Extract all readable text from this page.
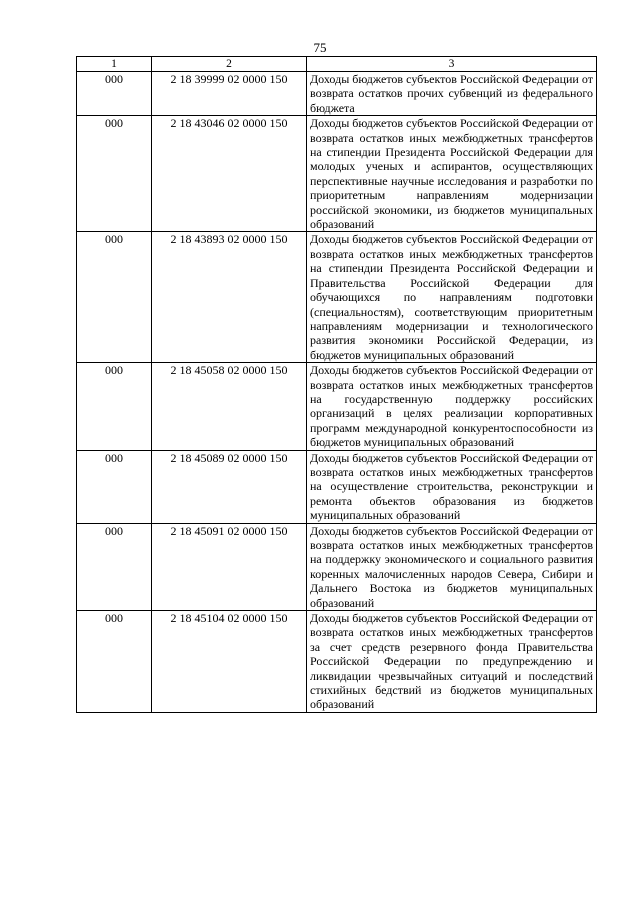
75
1	2	3
000	2 18 39999 02 0000 150	Доходы бюджетов субъектов Российской Федерации от возврата остатков прочих субвенций из федерального бюджета
000	2 18 43046 02 0000 150	Доходы бюджетов субъектов Российской Федерации от возврата остатков иных межбюджетных трансфертов на стипендии Президента Российской Федерации для молодых ученых и аспирантов, осуществляющих перспективные научные исследования и разработки по приоритетным направлениям модернизации российской экономики, из бюджетов муниципальных образований
000	2 18 43893 02 0000 150	Доходы бюджетов субъектов Российской Федерации от возврата остатков иных межбюджетных трансфертов на стипендии Президента Российской Федерации и Правительства Российской Федерации для обучающихся по направлениям подготовки (специальностям), соответствующим приоритетным направлениям модернизации и технологического развития экономики Российской Федерации, из бюджетов муниципальных образований
000	2 18 45058 02 0000 150	Доходы бюджетов субъектов Российской Федерации от возврата остатков иных межбюджетных трансфертов на государственную поддержку российских организаций в целях реализации корпоративных программ международной конкурентоспособности из бюджетов муниципальных образований
000	2 18 45089 02 0000 150	Доходы бюджетов субъектов Российской Федерации от возврата остатков иных межбюджетных трансфертов на осуществление строительства, реконструкции и ремонта объектов образования из бюджетов муниципальных образований
000	2 18 45091 02 0000 150	Доходы бюджетов субъектов Российской Федерации от возврата остатков иных межбюджетных трансфертов на поддержку экономического и социального развития коренных малочисленных народов Севера, Сибири и Дальнего Востока из бюджетов муниципальных образований
000	2 18 45104 02 0000 150	Доходы бюджетов субъектов Российской Федерации от возврата остатков иных межбюджетных трансфертов за счет средств резервного фонда Правительства Российской Федерации по предупреждению и ликвидации чрезвычайных ситуаций и последствий стихийных бедствий из бюджетов муниципальных образований
